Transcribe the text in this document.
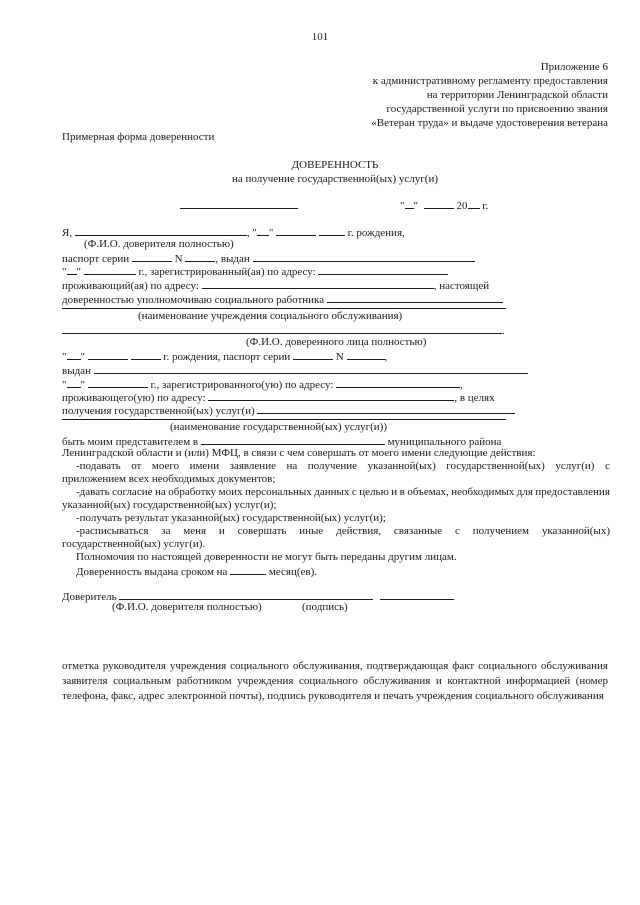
101
Приложение 6
к административному регламенту предоставления
на территории Ленинградской области
государственной услуги по присвоению звания
«Ветеран труда» и выдаче удостоверения ветерана
Примерная форма доверенности
ДОВЕРЕННОСТЬ
на получение государственной(ых) услуг(и)
" "	20 г.
Я,	, " "	г. рождения,
(Ф.И.О. доверителя полностью)
паспорт серии	N	, выдан
" "	г., зарегистрированный(ая) по адресу:
проживающий(ая) по адресу:	, настоящей
доверенностью уполномочиваю социального работника
(наименование учреждения социального обслуживания)
.
(Ф.И.О. доверенного лица полностью)
" "	г. рождения, паспорт серии	N	,
выдан
" "	г., зарегистрированного(ую) по адресу:	,
проживающего(ую) по адресу:	, в целях
получения государственной(ых) услуг(и)
(наименование государственной(ых) услуг(и))
быть моим представителем в	муниципального района
Ленинградской области и (или) МФЦ, в связи с чем совершать от моего имени следующие действия:
-подавать от моего имени заявление на получение указанной(ых) государственной(ых) услуг(и) с
приложением всех необходимых документов;
-давать согласие на обработку моих персональных данных с целью и в объемах, необходимых для предоставления
указанной(ых) государственной(ых) услуг(и);
-получать результат указанной(ых) государственной(ых) услуг(и);
-расписываться за меня и совершать иные действия, связанные с получением указанной(ых)
государственной(ых) услуг(и).
Полномочия по настоящей доверенности не могут быть переданы другим лицам.
Доверенность выдана сроком на	месяц(ев).
Доверитель
(Ф.И.О. доверителя полностью)	(подпись)
отметка руководителя учреждения социального обслуживания, подтверждающая факт социального обслуживания
заявителя социальным работником учреждения социального обслуживания и контактной информацией (номер
телефона, факс, адрес электронной почты), подпись руководителя и печать учреждения социального обслуживания
